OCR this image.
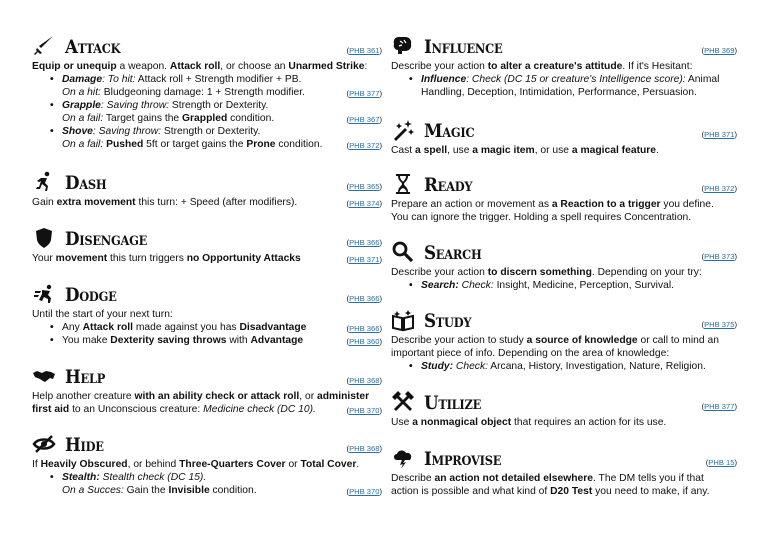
Attack	(PHB 361)
Equip or unequip a weapon. Attack roll, or choose an Unarmed Strike:
• Damage: To hit: Attack roll + Strength modifier + PB.
On a hit: Bludgeoning damage: 1 + Strength modifier.	(PHB 377)
• Grapple: Saving throw: Strength or Dexterity.
On a fail: Target gains the Grappled condition.	(PHB 367)
• Shove: Saving throw: Strength or Dexterity.
On a fail: Pushed 5ft or target gains the Prone condition.	(PHB 372)
Dash	(PHB 365)
Gain extra movement this turn: + Speed (after modifiers).	(PHB 374)
Disengage	(PHB 366)
Your movement this turn triggers no Opportunity Attacks	(PHB 371)
Dodge	(PHB 366)
Until the start of your next turn:
• Any Attack roll made against you has Disadvantage	(PHB 366)
• You make Dexterity saving throws with Advantage	(PHB 360)
Help	(PHB 368)
Help another creature with an ability check or attack roll, or administer
first aid to an Unconscious creature: Medicine check (DC 10).	(PHB 370)
Hide	(PHB 368)
If Heavily Obscured, or behind Three-Quarters Cover or Total Cover.
• Stealth: Stealth check (DC 15).
On a Succes: Gain the Invisible condition.	(PHB 370)
Influence	(PHB 369)
Describe your action to alter a creature's attitude. If it's Hesitant:
• Influence: Check (DC 15 or creature's Intelligence score): Animal
Handling, Deception, Intimidation, Performance, Persuasion.
Magic	(PHB 371)
Cast a spell, use a magic item, or use a magical feature.
Ready	(PHB 372)
Prepare an action or movement as a Reaction to a trigger you define.
You can ignore the trigger. Holding a spell requires Concentration.
Search	(PHB 373)
Describe your action to discern something. Depending on your try:
• Search: Check: Insight, Medicine, Perception, Survival.
Study	(PHB 375)
Describe your action to study a source of knowledge or call to mind an
important piece of info. Depending on the area of knowledge:
• Study: Check: Arcana, History, Investigation, Nature, Religion.
Utilize	(PHB 377)
Use a nonmagical object that requires an action for its use.
Improvise	(PHB 15)
Describe an action not detailed elsewhere. The DM tells you if that
action is possible and what kind of D20 Test you need to make, if any.
